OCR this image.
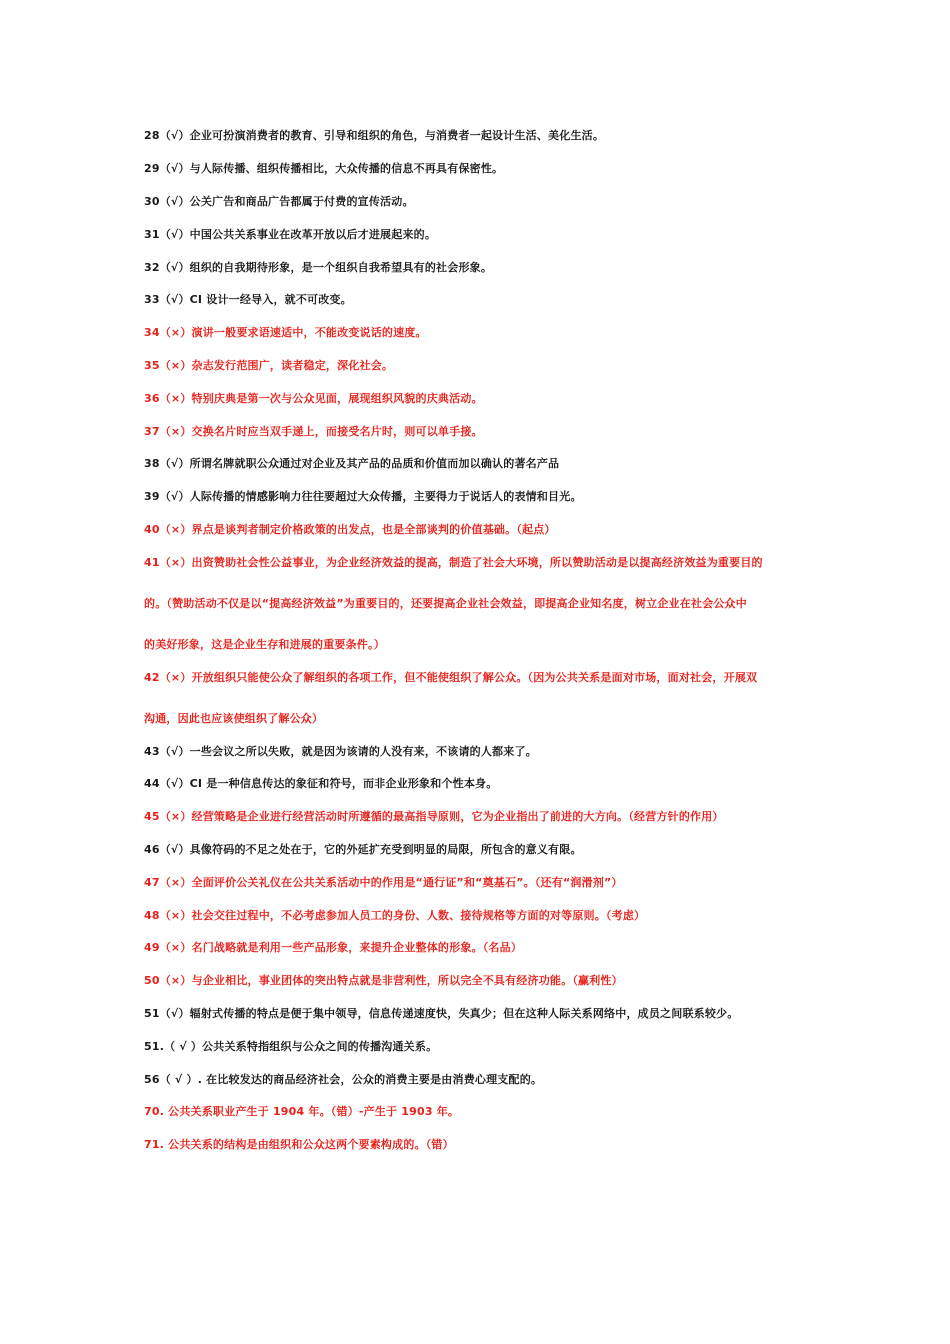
28（√）企业可扮演消费者的教育、引导和组织的角色，与消费者一起设计生活、美化生活。
29（√）与人际传播、组织传播相比，大众传播的信息不再具有保密性。
30（√）公关广告和商品广告都属于付费的宣传活动。
31（√）中国公共关系事业在改革开放以后才进展起来的。
32（√）组织的自我期待形象，是一个组织自我希望具有的社会形象。
33（√）CI 设计一经导入，就不可改变。
34（×）演讲一般要求语速适中，不能改变说话的速度。
35（×）杂志发行范围广，读者稳定，深化社会。
36（×）特别庆典是第一次与公众见面，展现组织风貌的庆典活动。
37（×）交换名片时应当双手递上，而接受名片时，则可以单手接。
38（√）所谓名牌就职公众通过对企业及其产品的品质和价值而加以确认的著名产品
39（√）人际传播的情感影响力往往要超过大众传播，主要得力于说话人的表情和目光。
40（×）界点是谈判者制定价格政策的出发点，也是全部谈判的价值基础。（起点）
41（×）出资赞助社会性公益事业，为企业经济效益的提高，制造了社会大环境，所以赞助活动是以提高经济效益为重要目的
的。（赞助活动不仅是以“提高经济效益”为重要目的，还要提高企业社会效益，即提高企业知名度，树立企业在社会公众中
的美好形象，这是企业生存和进展的重要条件。）
42（×）开放组织只能使公众了解组织的各项工作，但不能使组织了解公众。（因为公共关系是面对市场，面对社会，开展双
沟通，因此也应该使组织了解公众）
43（√）一些会议之所以失败，就是因为该请的人没有来，不该请的人都来了。
44（√）CI 是一种信息传达的象征和符号，而非企业形象和个性本身。
45（×）经营策略是企业进行经营活动时所遵循的最高指导原则，它为企业指出了前进的大方向。（经营方针的作用）
46（√）具像符码的不足之处在于，它的外延扩充受到明显的局限，所包含的意义有限。
47（×）全面评价公关礼仪在公共关系活动中的作用是“通行证”和“奠基石”。（还有“润滑剂”）
48（×）社会交往过程中，不必考虑参加人员工的身份、人数、接待规格等方面的对等原则。（考虑）
49（×）名门战略就是利用一些产品形象，来提升企业整体的形象。（名品）
50（×）与企业相比，事业团体的突出特点就是非营利性，所以完全不具有经济功能。（赢利性）
51（√）辐射式传播的特点是便于集中领导，信息传递速度快，失真少；但在这种人际关系网络中，成员之间联系较少。
51.（ √ ）公共关系特指组织与公众之间的传播沟通关系。
56（ √ ）. 在比较发达的商品经济社会，公众的消费主要是由消费心理支配的。
70. 公共关系职业产生于 1904 年。（错）-产生于 1903 年。
71. 公共关系的结构是由组织和公众这两个要素构成的。（错）
